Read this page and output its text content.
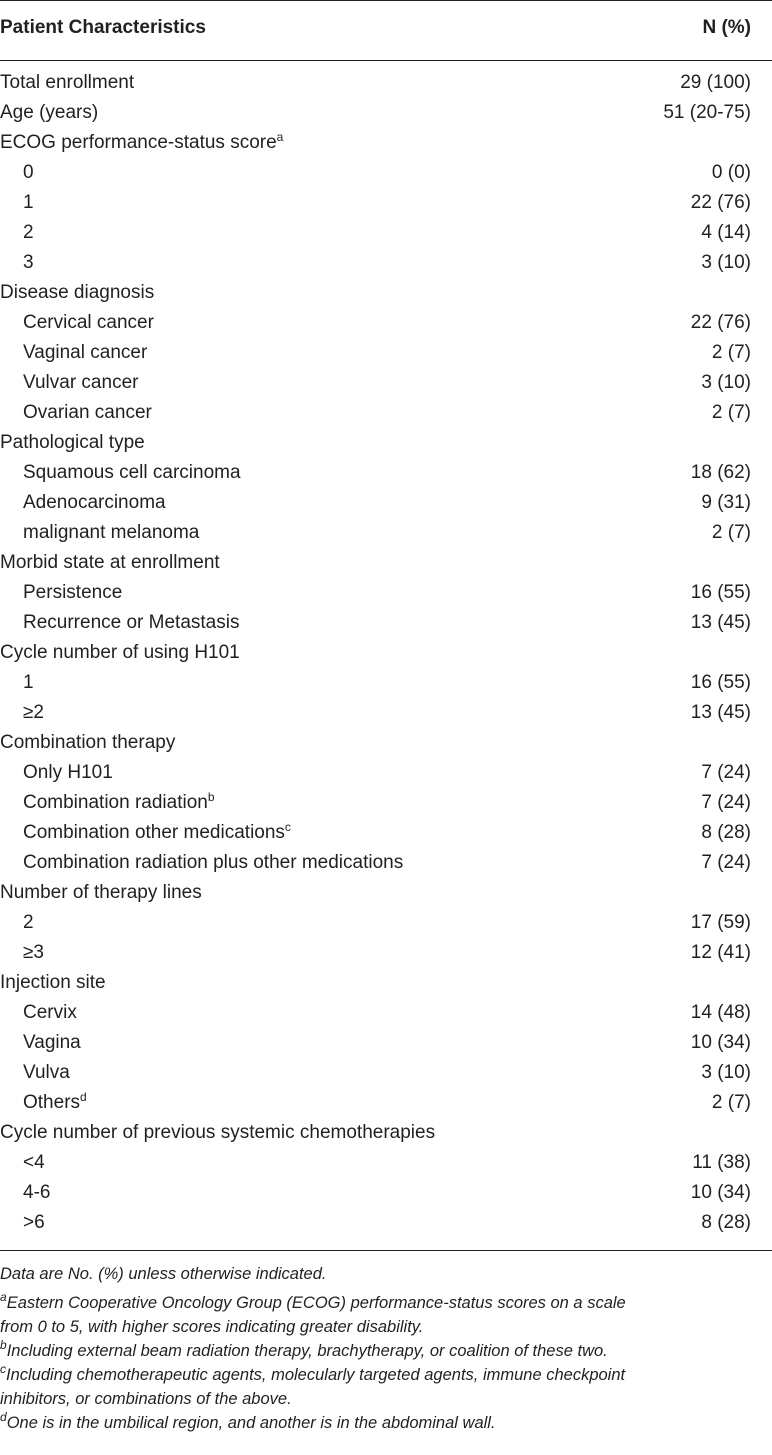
Patient Characteristics	N (%)
Total enrollment	29 (100)
Age (years)	51 (20-75)
ECOG performance-status score$^a$
0	0 (0)
1	22 (76)
2	4 (14)
3	3 (10)
Disease diagnosis
Cervical cancer	22 (76)
Vaginal cancer	2 (7)
Vulvar cancer	3 (10)
Ovarian cancer	2 (7)
Pathological type
Squamous cell carcinoma	18 (62)
Adenocarcinoma	9 (31)
malignant melanoma	2 (7)
Morbid state at enrollment
Persistence	16 (55)
Recurrence or Metastasis	13 (45)
Cycle number of using H101
1	16 (55)
≥2	13 (45)
Combination therapy
Only H101	7 (24)
Combination radiation$^b$	7 (24)
Combination other medications$^c$	8 (28)
Combination radiation plus other medications	7 (24)
Number of therapy lines
2	17 (59)
≥3	12 (41)
Injection site
Cervix	14 (48)
Vagina	10 (34)
Vulva	3 (10)
Others$^d$	2 (7)
Cycle number of previous systemic chemotherapies
<4	11 (38)
4-6	10 (34)
>6	8 (28)
Data are No. (%) unless otherwise indicated.
$^a$Eastern Cooperative Oncology Group (ECOG) performance-status scores on a scale
from 0 to 5, with higher scores indicating greater disability.
$^b$Including external beam radiation therapy, brachytherapy, or coalition of these two.
$^c$Including chemotherapeutic agents, molecularly targeted agents, immune checkpoint
inhibitors, or combinations of the above.
$^d$One is in the umbilical region, and another is in the abdominal wall.
